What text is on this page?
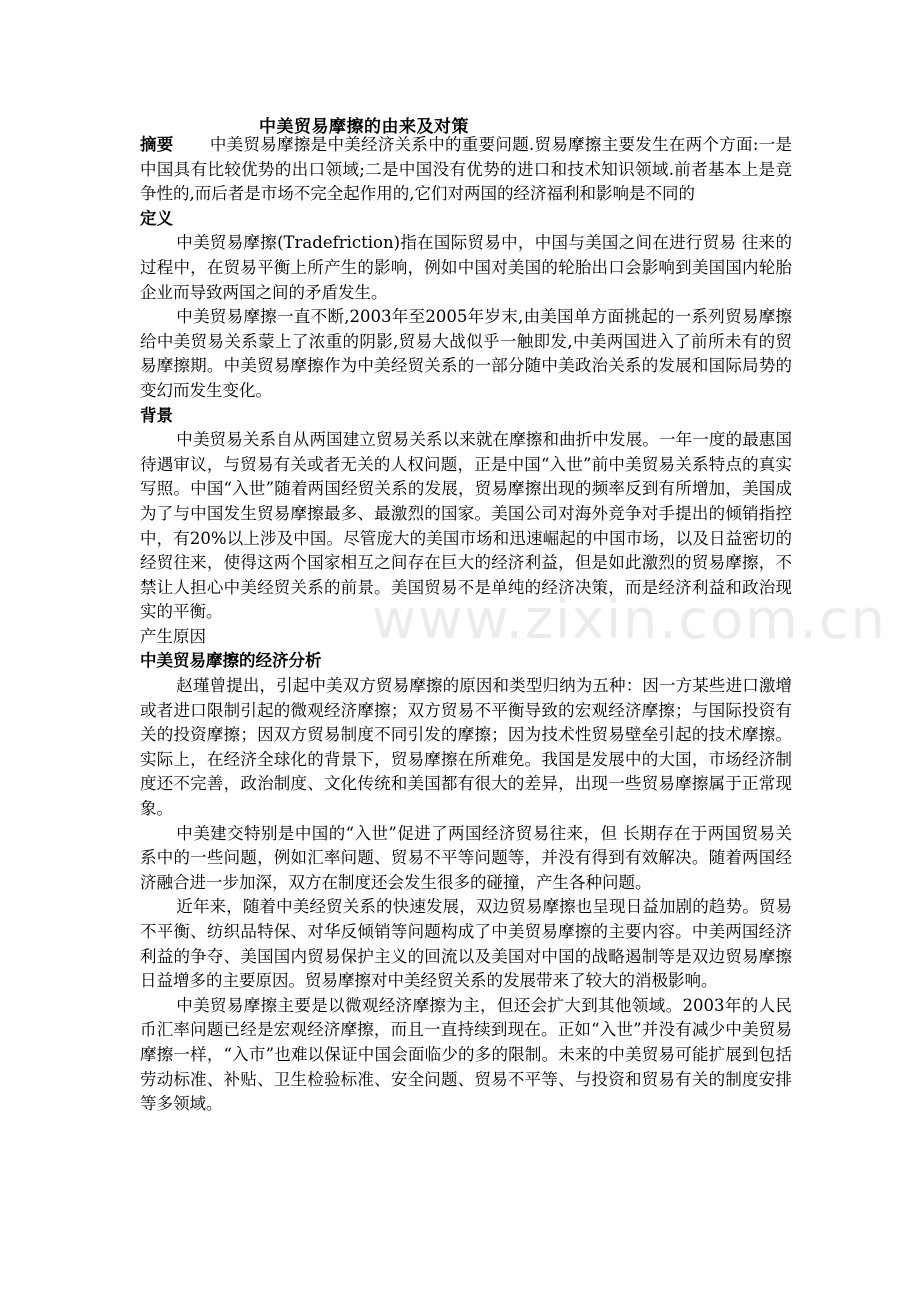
www.zixin.com.cn
中美贸易摩擦的由来及对策

摘要 中美贸易摩擦是中美经济关系中的重要问题.贸易摩擦主要发生在两个方面:一是中国具有比较优势的出口领域;二是中国没有优势的进口和技术知识领域.前者基本上是竞争性的,而后者是市场不完全起作用的,它们对两国的经济福利和影响是不同的

定义

中美贸易摩擦(Tradefriction)指在国际贸易中，中国与美国之间在进行贸易 往来的过程中，在贸易平衡上所产生的影响，例如中国对美国的轮胎出口会影响到美国国内轮胎企业而导致两国之间的矛盾发生。

中美贸易摩擦一直不断,2003年至2005年岁末,由美国单方面挑起的一系列贸易摩擦给中美贸易关系蒙上了浓重的阴影,贸易大战似乎一触即发,中美两国进入了前所未有的贸易摩擦期。中美贸易摩擦作为中美经贸关系的一部分随中美政治关系的发展和国际局势的变幻而发生变化。

背景

中美贸易关系自从两国建立贸易关系以来就在摩擦和曲折中发展。一年一度的最惠国待遇审议，与贸易有关或者无关的人权问题，正是中国“入世”前中美贸易关系特点的真实写照。中国“入世”随着两国经贸关系的发展，贸易摩擦出现的频率反到有所增加，美国成为了与中国发生贸易摩擦最多、最激烈的国家。美国公司对海外竞争对手提出的倾销指控中，有20%以上涉及中国。尽管庞大的美国市场和迅速崛起的中国市场，以及日益密切的经贸往来，使得这两个国家相互之间存在巨大的经济利益，但是如此激烈的贸易摩擦，不禁让人担心中美经贸关系的前景。美国贸易不是单纯的经济决策，而是经济利益和政治现实的平衡。

产生原因

中美贸易摩擦的经济分析

赵瑾曾提出，引起中美双方贸易摩擦的原因和类型归纳为五种：因一方某些进口激增或者进口限制引起的微观经济摩擦；双方贸易不平衡导致的宏观经济摩擦；与国际投资有关的投资摩擦；因双方贸易制度不同引发的摩擦；因为技术性贸易壁垒引起的技术摩擦。实际上，在经济全球化的背景下，贸易摩擦在所难免。我国是发展中的大国，市场经济制度还不完善，政治制度、文化传统和美国都有很大的差异，出现一些贸易摩擦属于正常现象。

中美建交特别是中国的“入世”促进了两国经济贸易往来，但 长期存在于两国贸易关系中的一些问题，例如汇率问题、贸易不平等问题等，并没有得到有效解决。随着两国经济融合进一步加深，双方在制度还会发生很多的碰撞，产生各种问题。

近年来，随着中美经贸关系的快速发展，双边贸易摩擦也呈现日益加剧的趋势。贸易不平衡、纺织品特保、对华反倾销等问题构成了中美贸易摩擦的主要内容。中美两国经济利益的争夺、美国国内贸易保护主义的回流以及美国对中国的战略遏制等是双边贸易摩擦日益增多的主要原因。贸易摩擦对中美经贸关系的发展带来了较大的消极影响。

中美贸易摩擦主要是以微观经济摩擦为主，但还会扩大到其他领域。2003年的人民币汇率问题已经是宏观经济摩擦，而且一直持续到现在。正如“入世”并没有减少中美贸易摩擦一样，“入市”也难以保证中国会面临少的多的限制。未来的中美贸易可能扩展到包括劳动标准、补贴、卫生检验标准、安全问题、贸易不平等、与投资和贸易有关的制度安排等多领域。
